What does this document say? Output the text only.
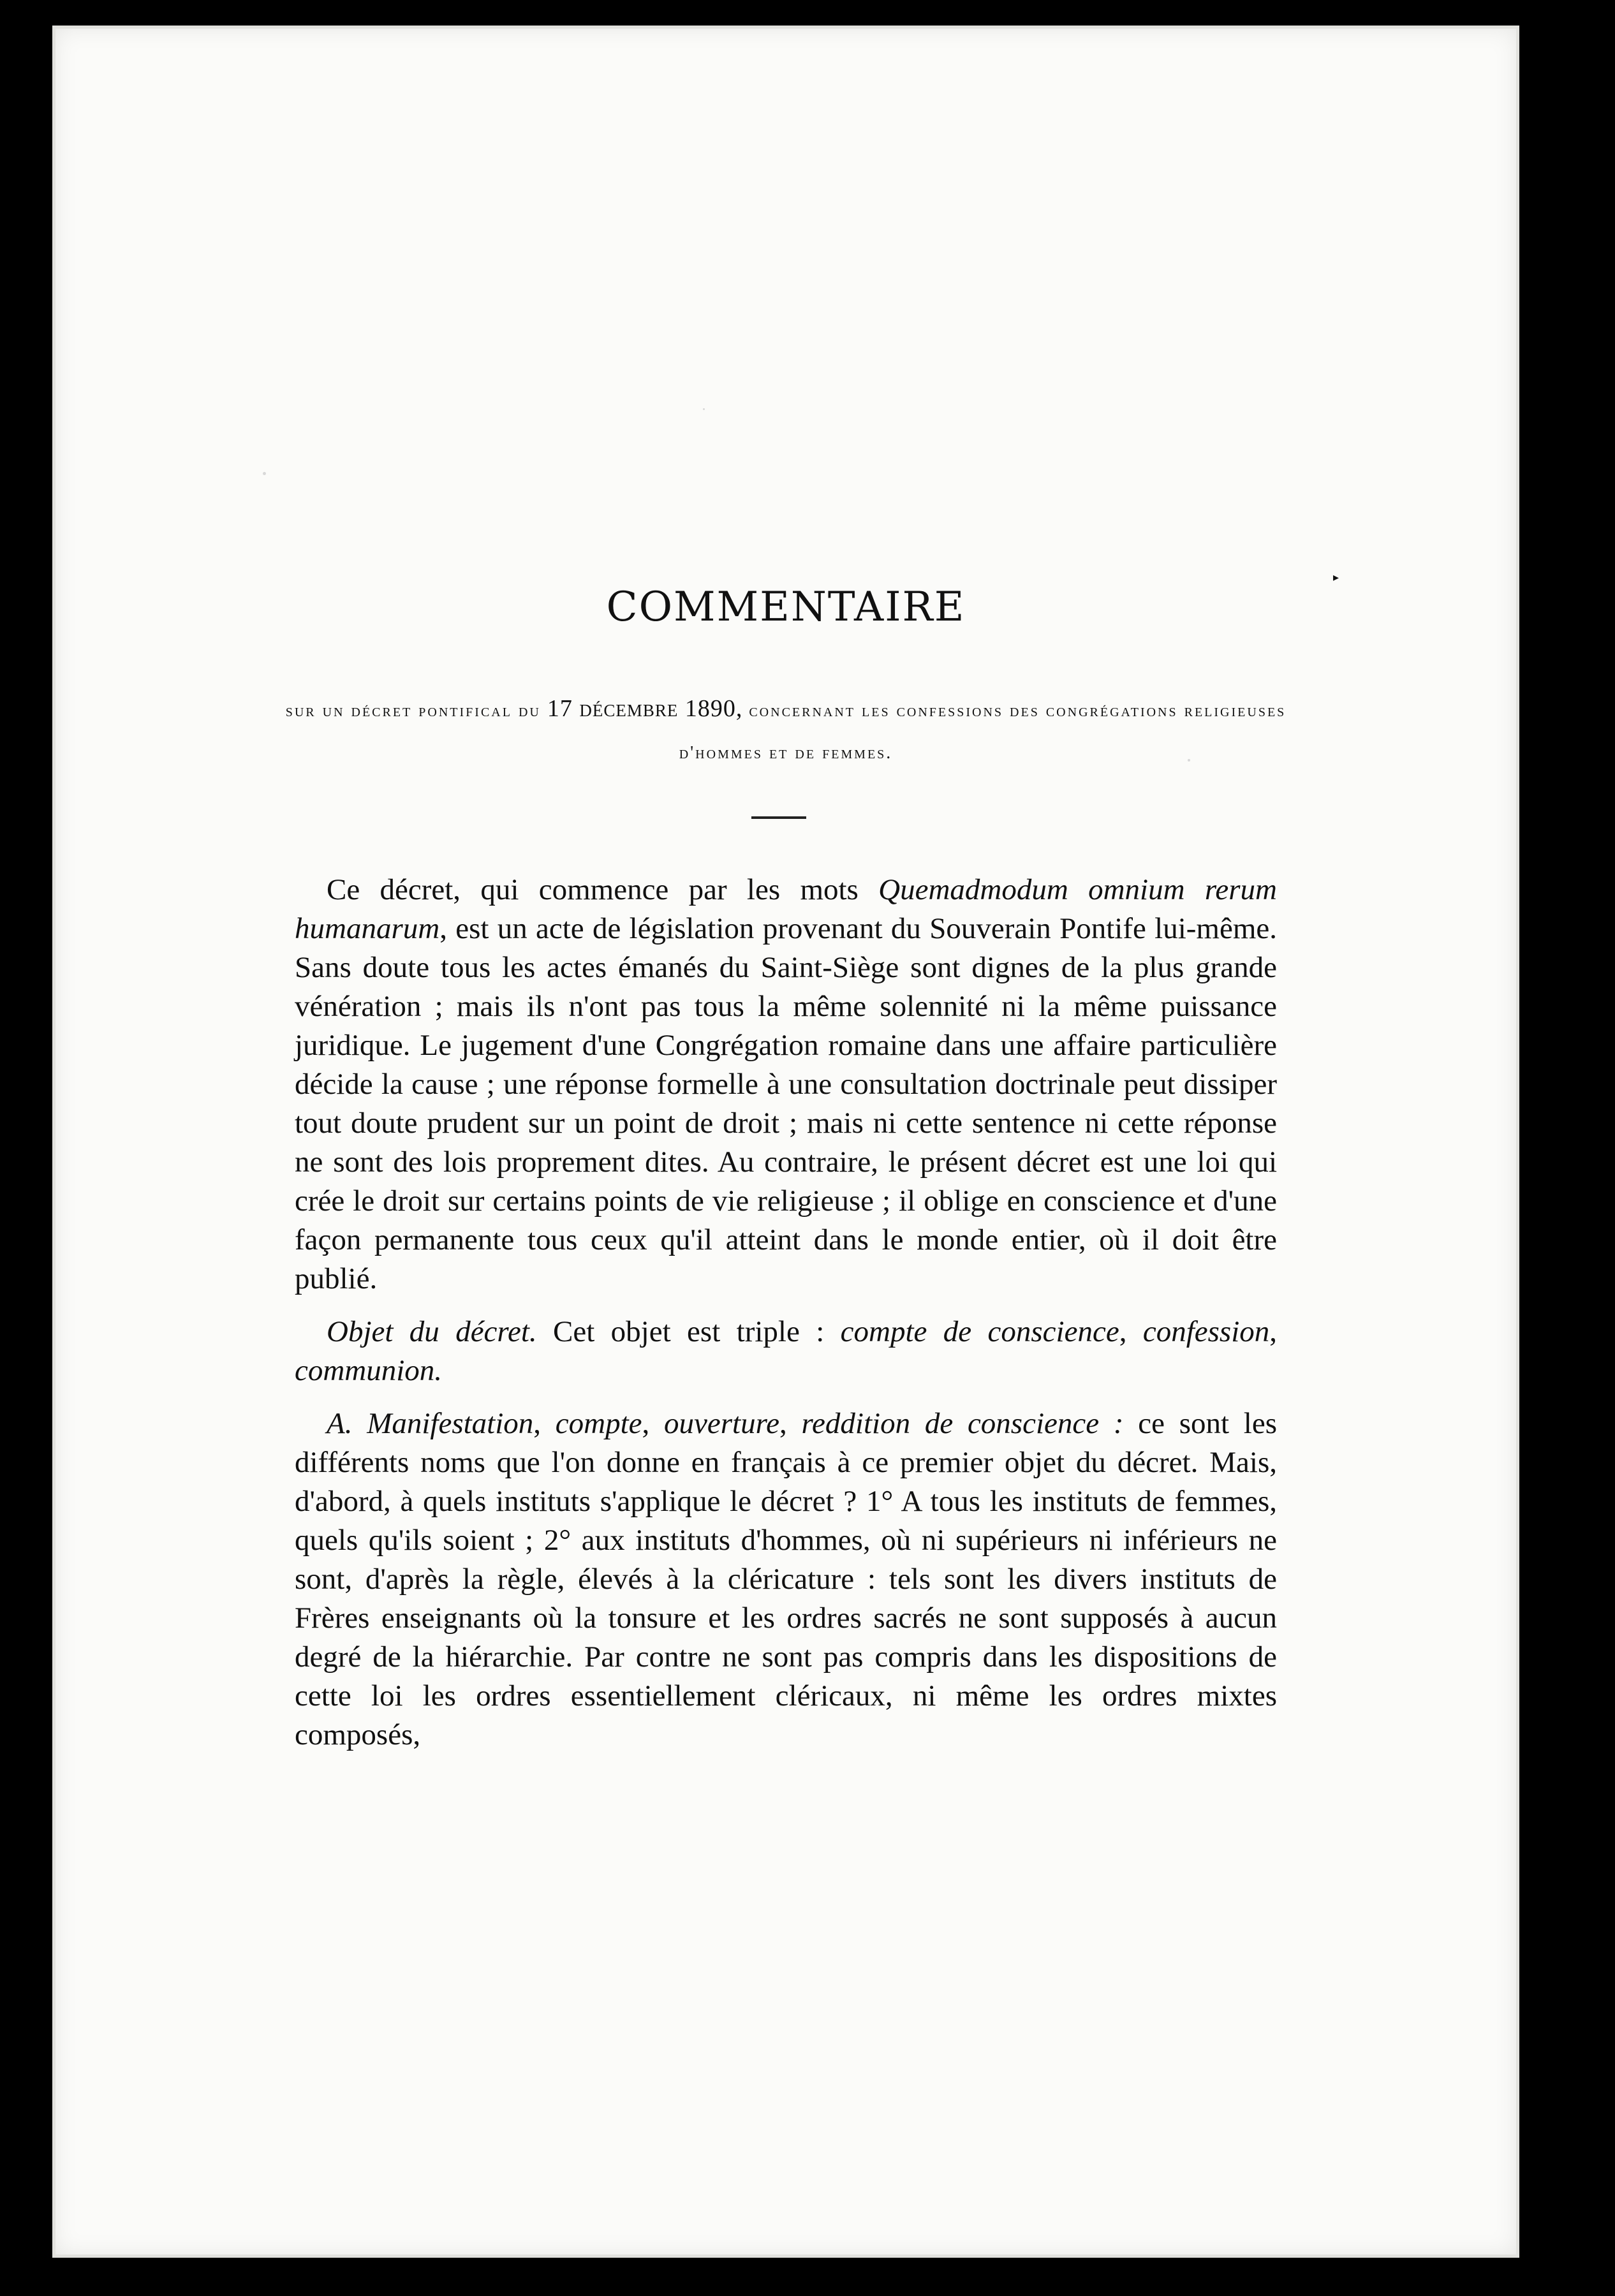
COMMENTAIRE
sur un décret pontifical du 17 décembre 1890, concernant les confessions des congrégations religieuses d'hommes et de femmes.

Ce décret, qui commence par les mots Quemadmodum omnium rerum humanarum, est un acte de législation provenant du Souverain Pontife lui-même. Sans doute tous les actes émanés du Saint-Siège sont dignes de la plus grande vénération ; mais ils n'ont pas tous la même solennité ni la même puissance juridique. Le jugement d'une Congrégation romaine dans une affaire particulière décide la cause ; une réponse formelle à une consultation doctrinale peut dissiper tout doute prudent sur un point de droit ; mais ni cette sentence ni cette réponse ne sont des lois proprement dites. Au contraire, le présent décret est une loi qui crée le droit sur certains points de vie religieuse ; il oblige en conscience et d'une façon permanente tous ceux qu'il atteint dans le monde entier, où il doit être publié.

Objet du décret. Cet objet est triple : compte de conscience, confession, communion.

A. Manifestation, compte, ouverture, reddition de conscience : ce sont les différents noms que l'on donne en français à ce premier objet du décret. Mais, d'abord, à quels instituts s'applique le décret ? 1° A tous les instituts de femmes, quels qu'ils soient ; 2° aux instituts d'hommes, où ni supérieurs ni inférieurs ne sont, d'après la règle, élevés à la cléricature : tels sont les divers instituts de Frères enseignants où la tonsure et les ordres sacrés ne sont supposés à aucun degré de la hiérarchie. Par contre ne sont pas compris dans les dispositions de cette loi les ordres essentiellement cléricaux, ni même les ordres mixtes composés,

▸
